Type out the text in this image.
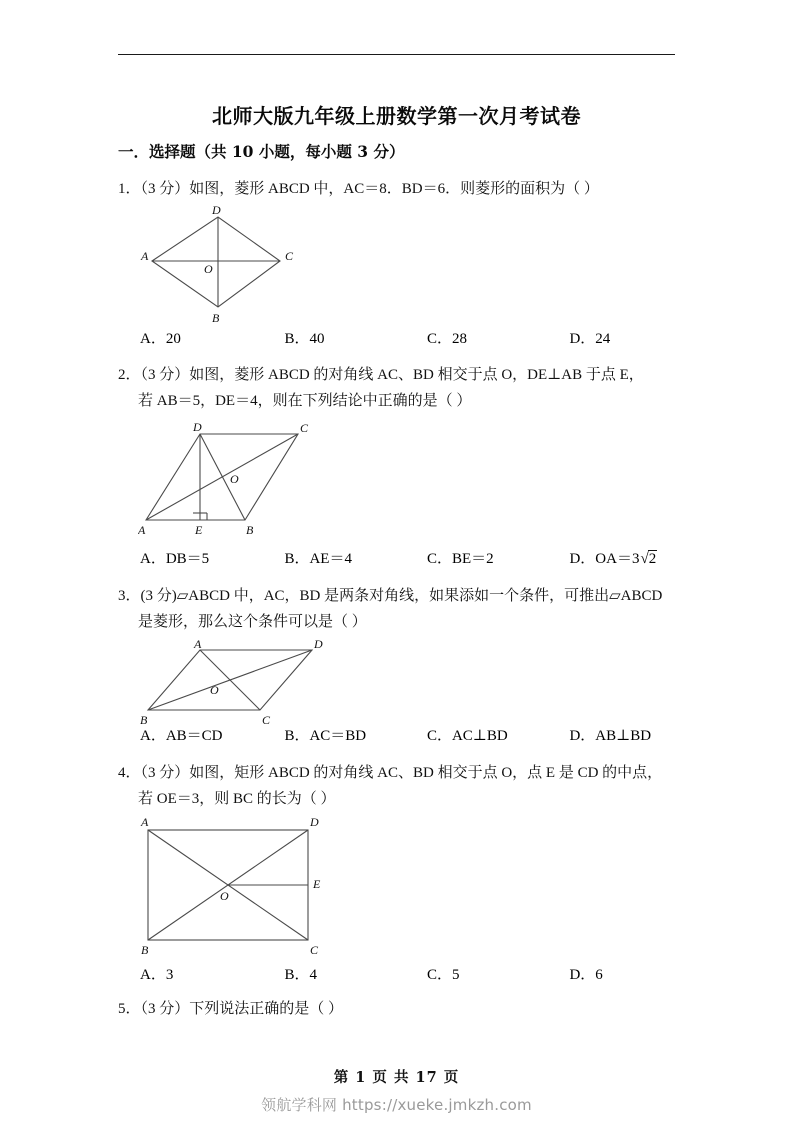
北师大版九年级上册数学第一次月考试卷
一．选择题（共 10 小题，每小题 3 分）
1．（3 分）如图，菱形 ABCD 中，AC＝8．BD＝6．则菱形的面积为（ ）
A
B
C
D
O
A．20	B．40	C．28	D．24
2．（3 分）如图，菱形 ABCD 的对角线 AC、BD 相交于点 O，DE⊥AB 于点 E，
若 AB＝5，DE＝4，则在下列结论中正确的是（ ）
A	B
C
D
E
O
A．DB＝5	B．AE＝4	C．BE＝2	D．OA＝3√2
3．(3 分)▱ABCD 中，AC，BD 是两条对角线，如果添如一个条件，可推出▱ABCD
是菱形，那么这个条件可以是（ ）
A
B	C
D
O
A．AB＝CD	B．AC＝BD	C．AC⊥BD	D．AB⊥BD
4．（3 分）如图，矩形 ABCD 的对角线 AC、BD 相交于点 O，点 E 是 CD 的中点，
若 OE＝3，则 BC 的长为（ ）
A
B	C
D
E
O
A．3	B．4	C．5	D．6
5．（3 分）下列说法正确的是（ ）
第 1 页 共 17 页
领航学科网 https://xueke.jmkzh.com
